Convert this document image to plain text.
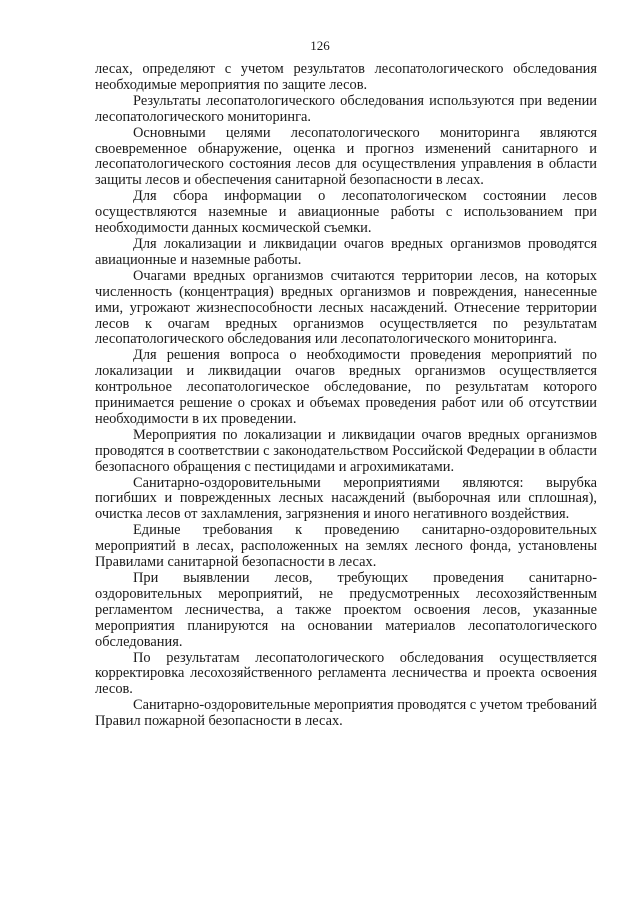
126

лесах, определяют с учетом результатов лесопатологического обследования необходимые мероприятия по защите лесов.

Результаты лесопатологического обследования используются при ведении лесопатологического мониторинга.

Основными целями лесопатологического мониторинга являются своевременное обнаружение, оценка и прогноз изменений санитарного и лесопатологического состояния лесов для осуществления управления в области защиты лесов и обеспечения санитарной безопасности в лесах.

Для сбора информации о лесопатологическом состоянии лесов осуществляются наземные и авиационные работы с использованием при необходимости данных космической съемки.

Для локализации и ликвидации очагов вредных организмов проводятся авиационные и наземные работы.

Очагами вредных организмов считаются территории лесов, на которых численность (концентрация) вредных организмов и повреждения, нанесенные ими, угрожают жизнеспособности лесных насаждений. Отнесение территории лесов к очагам вредных организмов осуществляется по результатам лесопатологического обследования или лесопатологического мониторинга.

Для решения вопроса о необходимости проведения мероприятий по локализации и ликвидации очагов вредных организмов осуществляется контрольное лесопатологическое обследование, по результатам которого принимается решение о сроках и объемах проведения работ или об отсутствии необходимости в их проведении.

Мероприятия по локализации и ликвидации очагов вредных организмов проводятся в соответствии с законодательством Российской Федерации в области безопасного обращения с пестицидами и агрохимикатами.

Санитарно-оздоровительными мероприятиями являются: вырубка погибших и поврежденных лесных насаждений (выборочная или сплошная), очистка лесов от захламления, загрязнения и иного негативного воздействия.

Единые требования к проведению санитарно-оздоровительных мероприятий в лесах, расположенных на землях лесного фонда, установлены Правилами санитарной безопасности в лесах.

При выявлении лесов, требующих проведения санитарно-оздоровительных мероприятий, не предусмотренных лесохозяйственным регламентом лесничества, а также проектом освоения лесов, указанные мероприятия планируются на основании материалов лесопатологического обследования.

По результатам лесопатологического обследования осуществляется корректировка лесохозяйственного регламента лесничества и проекта освоения лесов.

Санитарно-оздоровительные мероприятия проводятся с учетом требований Правил пожарной безопасности в лесах.
